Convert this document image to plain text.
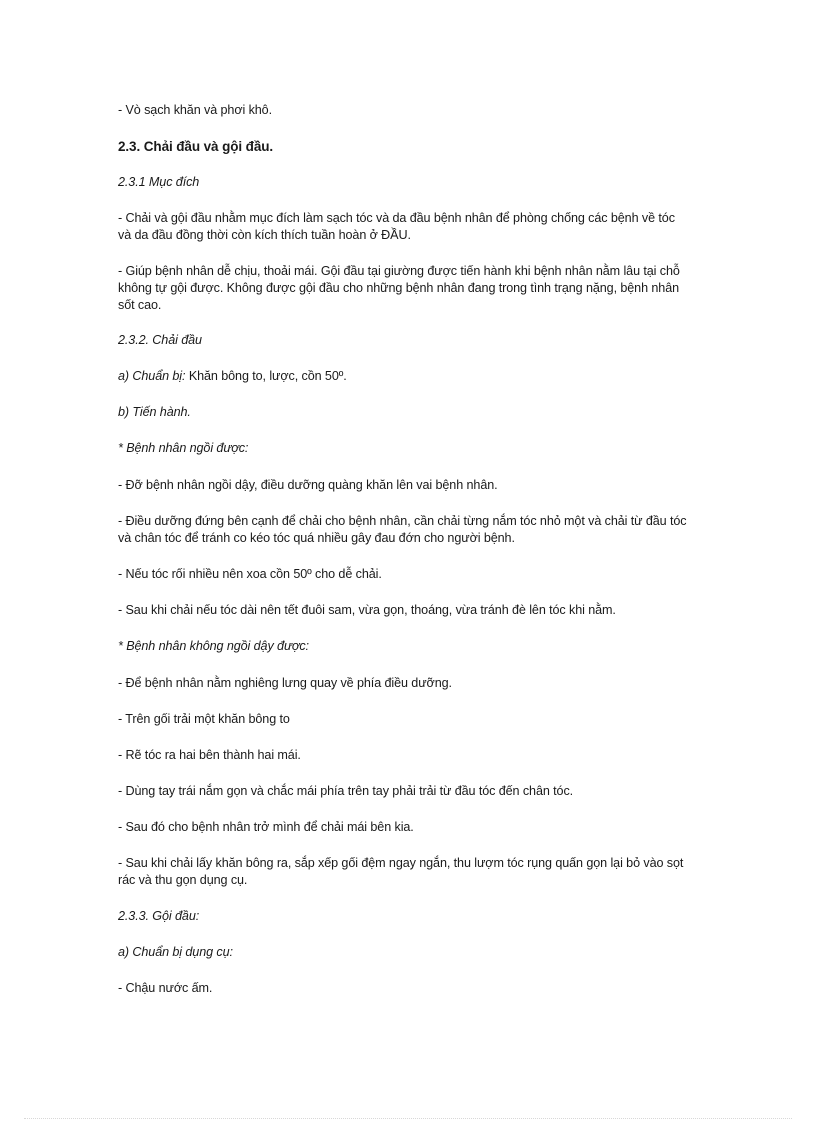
- Vò sạch khăn và phơi khô.

2.3. Chải đầu và gội đầu.

2.3.1 Mục đích

- Chải và gội đầu nhằm mục đích làm sạch tóc và da đầu bệnh nhân để phòng chống các bệnh về tóc và da đầu đồng thời còn kích thích tuần hoàn ở ĐẦU.

- Giúp bệnh nhân dễ chịu, thoải mái. Gội đầu tại giường được tiến hành khi bệnh nhân nằm lâu tại chỗ không tự gội được. Không được gội đầu cho những bệnh nhân đang trong tình trạng nặng, bệnh nhân sốt cao.

2.3.2. Chải đầu

a) Chuẩn bị: Khăn bông to, lược, cồn 50º.

b) Tiến hành.

* Bệnh nhân ngồi được:

- Đỡ bệnh nhân ngồi dậy, điều dưỡng quàng khăn lên vai bệnh nhân.

- Điều dưỡng đứng bên cạnh để chải cho bệnh nhân, cần chải từng nắm tóc nhỏ một và chải từ đầu tóc và chân tóc để tránh co kéo tóc quá nhiều gây đau đớn cho người bệnh.

- Nếu tóc rối nhiều nên xoa cồn 50º cho dễ chải.

- Sau khi chải nếu tóc dài nên tết đuôi sam, vừa gọn, thoáng, vừa tránh đè lên tóc khi nằm.

* Bệnh nhân không ngồi dậy được:

- Để bệnh nhân nằm nghiêng lưng quay về phía điều dưỡng.

- Trên gối trải một khăn bông to

- Rẽ tóc ra hai bên thành hai mái.

- Dùng tay trái nắm gọn và chắc mái phía trên tay phải trải từ đầu tóc đến chân tóc.

- Sau đó cho bệnh nhân trở mình để chải mái bên kia.

- Sau khi chải lấy khăn bông ra, sắp xếp gối đệm ngay ngắn, thu lượm tóc rụng quấn gọn lại bỏ vào sọt rác và thu gọn dụng cụ.

2.3.3. Gội đầu:

a) Chuẩn bị dụng cụ:

- Chậu nước ấm.
